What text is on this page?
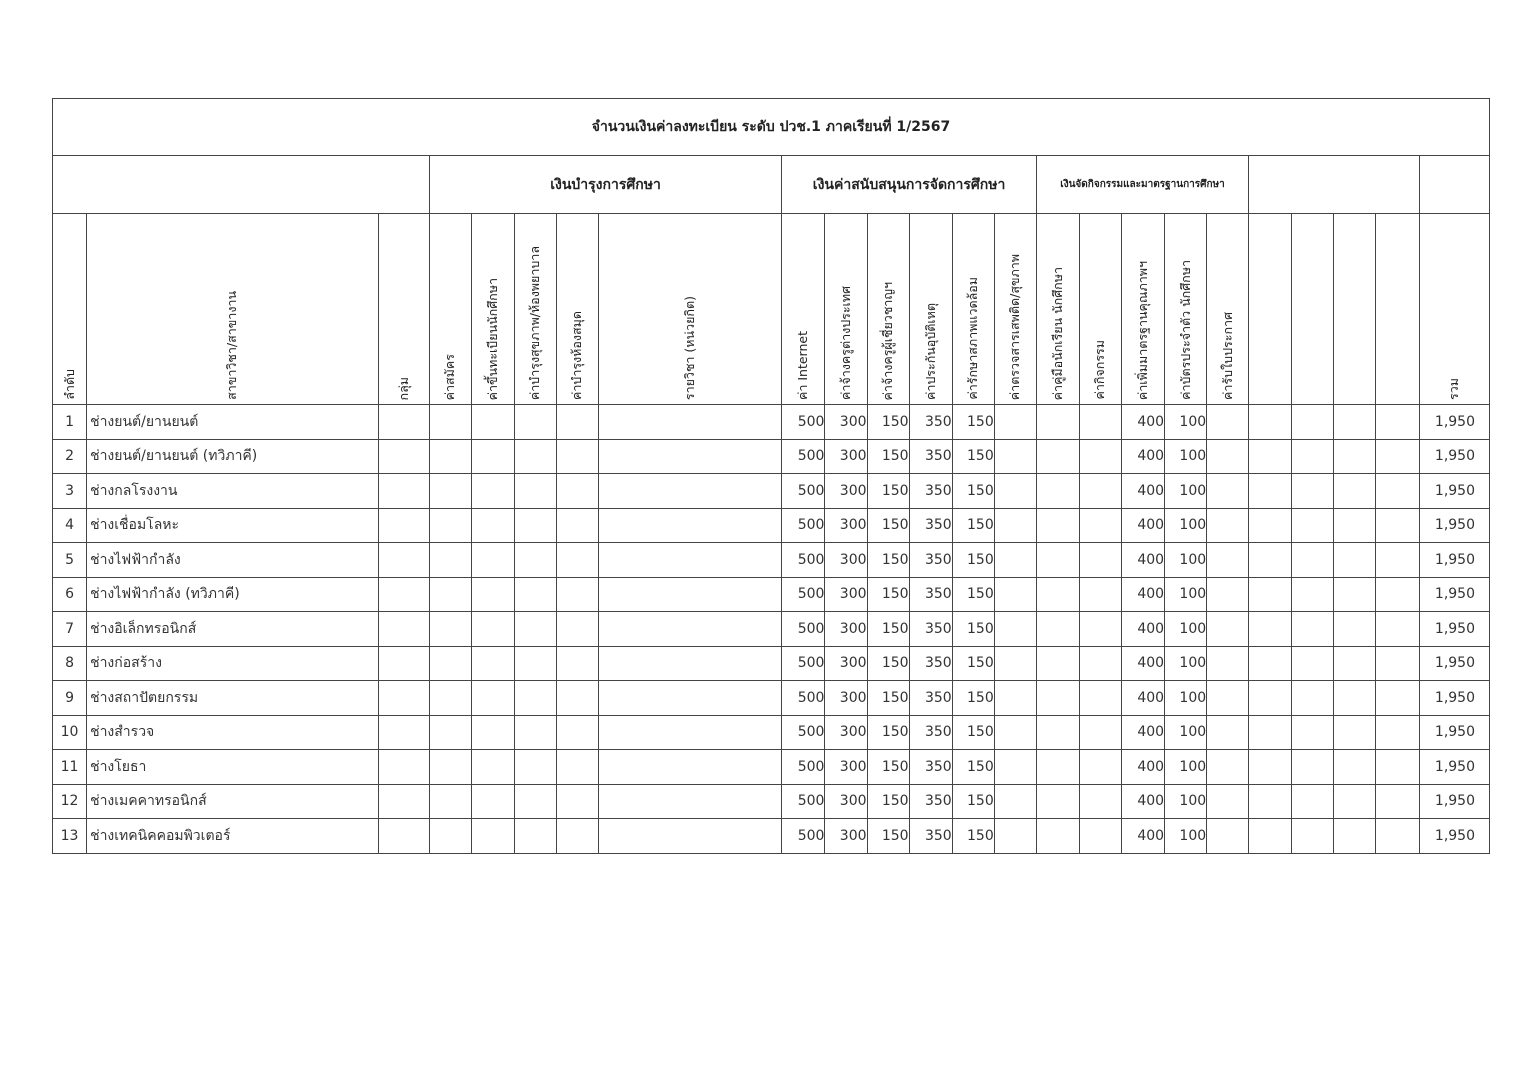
จำนวนเงินค่าลงทะเบียน ระดับ ปวช.1 ภาคเรียนที่ 1/2567																							
			เงินบำรุงการศึกษา					เงินค่าสนับสนุนการจัดการศึกษา						เงินจัดกิจกรรมและมาตรฐานการศึกษา									

ลำดับ	สาขาวิชา/สาขางาน	กลุ่ม	ค่าสมัคร	ค่าขึ้นทะเบียนนักศึกษา	ค่าบำรุงสุขภาพ/ห้องพยาบาล	ค่าบำรุงห้องสมุด	รายวิชา (หน่วยกิต)	ค่า Internet	ค่าจ้างครูต่างประเทศ	ค่าจ้างครูผู้เชี่ยวชาญฯ	ค่าประกันอุบัติเหตุ	ค่ารักษาสภาพแวดล้อม	ค่าตรวจสารเสพติด/สุขภาพ	ค่าคู่มือนักเรียน นักศึกษา	ค่ากิจกรรม	ค่าเพิ่มมาตรฐานคุณภาพฯ	ค่าบัตรประจำตัว นักศึกษา	ค่ารับใบประกาศ					รวม

1	ช่างยนต์/ยานยนต์							500	300	150	350	150				400	100						1,950
2	ช่างยนต์/ยานยนต์ (ทวิภาคี)							500	300	150	350	150				400	100						1,950
3	ช่างกลโรงงาน							500	300	150	350	150				400	100						1,950
4	ช่างเชื่อมโลหะ							500	300	150	350	150				400	100						1,950
5	ช่างไฟฟ้ากำลัง							500	300	150	350	150				400	100						1,950
6	ช่างไฟฟ้ากำลัง (ทวิภาคี)							500	300	150	350	150				400	100						1,950
7	ช่างอิเล็กทรอนิกส์							500	300	150	350	150				400	100						1,950
8	ช่างก่อสร้าง							500	300	150	350	150				400	100						1,950
9	ช่างสถาปัตยกรรม							500	300	150	350	150				400	100						1,950
10	ช่างสำรวจ							500	300	150	350	150				400	100						1,950
11	ช่างโยธา							500	300	150	350	150				400	100						1,950
12	ช่างเมคคาทรอนิกส์							500	300	150	350	150				400	100						1,950
13	ช่างเทคนิคคอมพิวเตอร์							500	300	150	350	150				400	100						1,950
